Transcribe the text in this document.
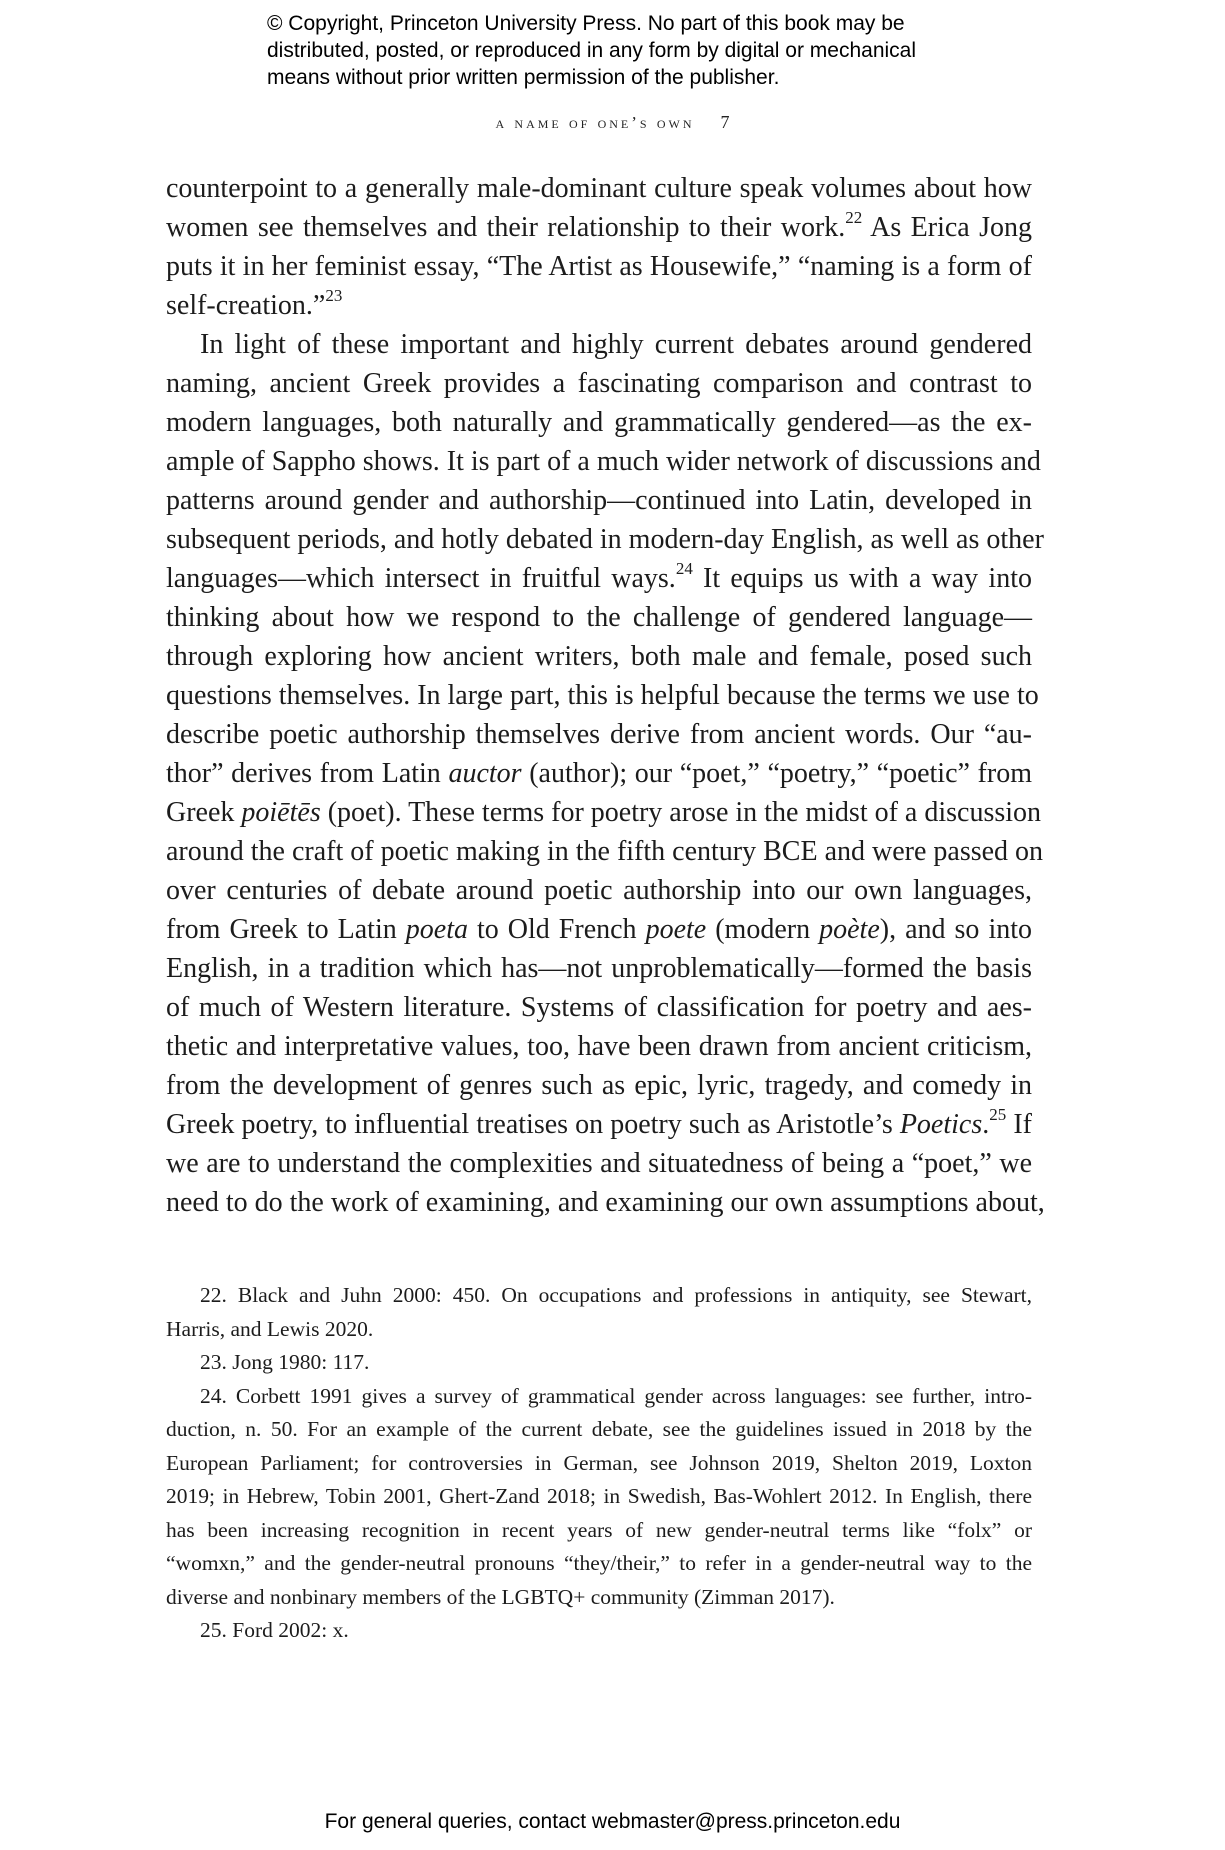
© Copyright, Princeton University Press. No part of this book may be
distributed, posted, or reproduced in any form by digital or mechanical
means without prior written permission of the publisher.
a name of one’s own 7
counterpoint to a generally male-dominant culture speak volumes about how
women see themselves and their relationship to their work.$^{22}$ As Erica Jong
puts it in her feminist essay, “The Artist as Housewife,” “naming is a form of
self-creation.”$^{23}$
In light of these important and highly current debates around gendered
naming, ancient Greek provides a fascinating comparison and contrast to
modern languages, both naturally and grammatically gendered—as the ex-
ample of Sappho shows. It is part of a much wider network of discussions and
patterns around gender and authorship—continued into Latin, developed in
subsequent periods, and hotly debated in modern-day English, as well as other
languages—which intersect in fruitful ways.$^{24}$ It equips us with a way into
thinking about how we respond to the challenge of gendered language—
through exploring how ancient writers, both male and female, posed such
questions themselves. In large part, this is helpful because the terms we use to
describe poetic authorship themselves derive from ancient words. Our “au-
thor” derives from Latin auctor (author); our “poet,” “poetry,” “poetic” from
Greek poiētēs (poet). These terms for poetry arose in the midst of a discussion
around the craft of poetic making in the fifth century BCE and were passed on
over centuries of debate around poetic authorship into our own languages,
from Greek to Latin poeta to Old French poete (modern poète), and so into
English, in a tradition which has—not unproblematically—formed the basis
of much of Western literature. Systems of classification for poetry and aes-
thetic and interpretative values, too, have been drawn from ancient criticism,
from the development of genres such as epic, lyric, tragedy, and comedy in
Greek poetry, to influential treatises on poetry such as Aristotle’s Poetics.$^{25}$ If
we are to understand the complexities and situatedness of being a “poet,” we
need to do the work of examining, and examining our own assumptions about,
22. Black and Juhn 2000: 450. On occupations and professions in antiquity, see Stewart,
Harris, and Lewis 2020.
23. Jong 1980: 117.
24. Corbett 1991 gives a survey of grammatical gender across languages: see further, intro-
duction, n. 50. For an example of the current debate, see the guidelines issued in 2018 by the
European Parliament; for controversies in German, see Johnson 2019, Shelton 2019, Loxton
2019; in Hebrew, Tobin 2001, Ghert-Zand 2018; in Swedish, Bas-Wohlert 2012. In English, there
has been increasing recognition in recent years of new gender-neutral terms like “folx” or
“womxn,” and the gender-neutral pronouns “they/their,” to refer in a gender-neutral way to the
diverse and nonbinary members of the LGBTQ+ community (Zimman 2017).
25. Ford 2002: x.
For general queries, contact webmaster@press.princeton.edu
